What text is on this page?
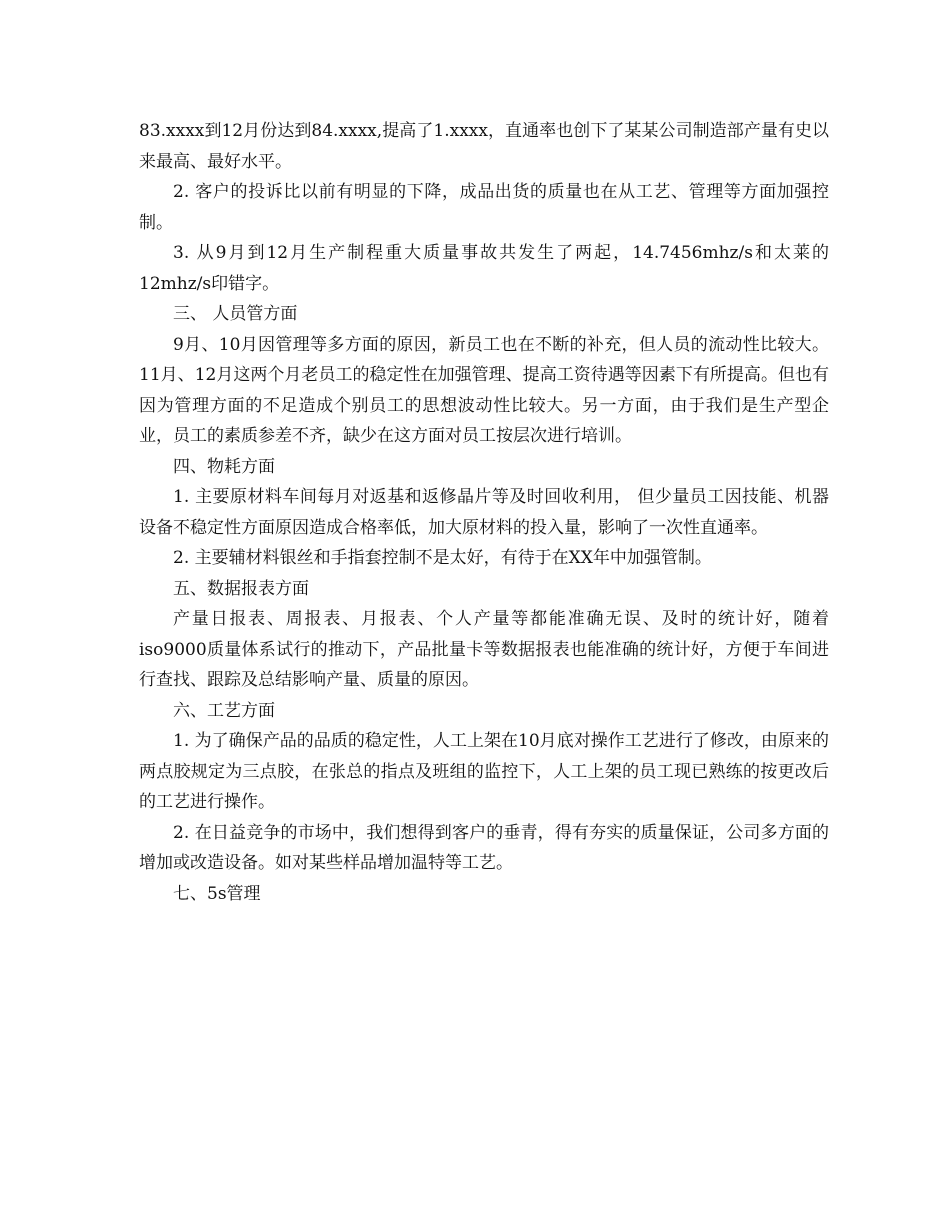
83.xxxx到12月份达到84.xxxx,提高了1.xxxx，直通率也创下了某某公司制造部产量有史以来最高、最好水平。

2. 客户的投诉比以前有明显的下降，成品出货的质量也在从工艺、管理等方面加强控制。

3. 从9月到12月生产制程重大质量事故共发生了两起，14.7456mhz/s和太莱的12mhz/s印错字。

三、 人员管方面

9月、10月因管理等多方面的原因，新员工也在不断的补充，但人员的流动性比较大。11月、12月这两个月老员工的稳定性在加强管理、提高工资待遇等因素下有所提高。但也有因为管理方面的不足造成个别员工的思想波动性比较大。另一方面，由于我们是生产型企业，员工的素质参差不齐，缺少在这方面对员工按层次进行培训。

四、物耗方面

1. 主要原材料车间每月对返基和返修晶片等及时回收利用， 但少量员工因技能、机器设备不稳定性方面原因造成合格率低，加大原材料的投入量，影响了一次性直通率。

2. 主要辅材料银丝和手指套控制不是太好，有待于在XX年中加强管制。

五、数据报表方面

产量日报表、周报表、月报表、个人产量等都能准确无误、及时的统计好，随着iso9000质量体系试行的推动下，产品批量卡等数据报表也能准确的统计好，方便于车间进行查找、跟踪及总结影响产量、质量的原因。

六、工艺方面

1. 为了确保产品的品质的稳定性，人工上架在10月底对操作工艺进行了修改，由原来的两点胶规定为三点胶，在张总的指点及班组的监控下，人工上架的员工现已熟练的按更改后的工艺进行操作。

2. 在日益竞争的市场中，我们想得到客户的垂青，得有夯实的质量保证，公司多方面的增加或改造设备。如对某些样品增加温特等工艺。

七、5s管理
